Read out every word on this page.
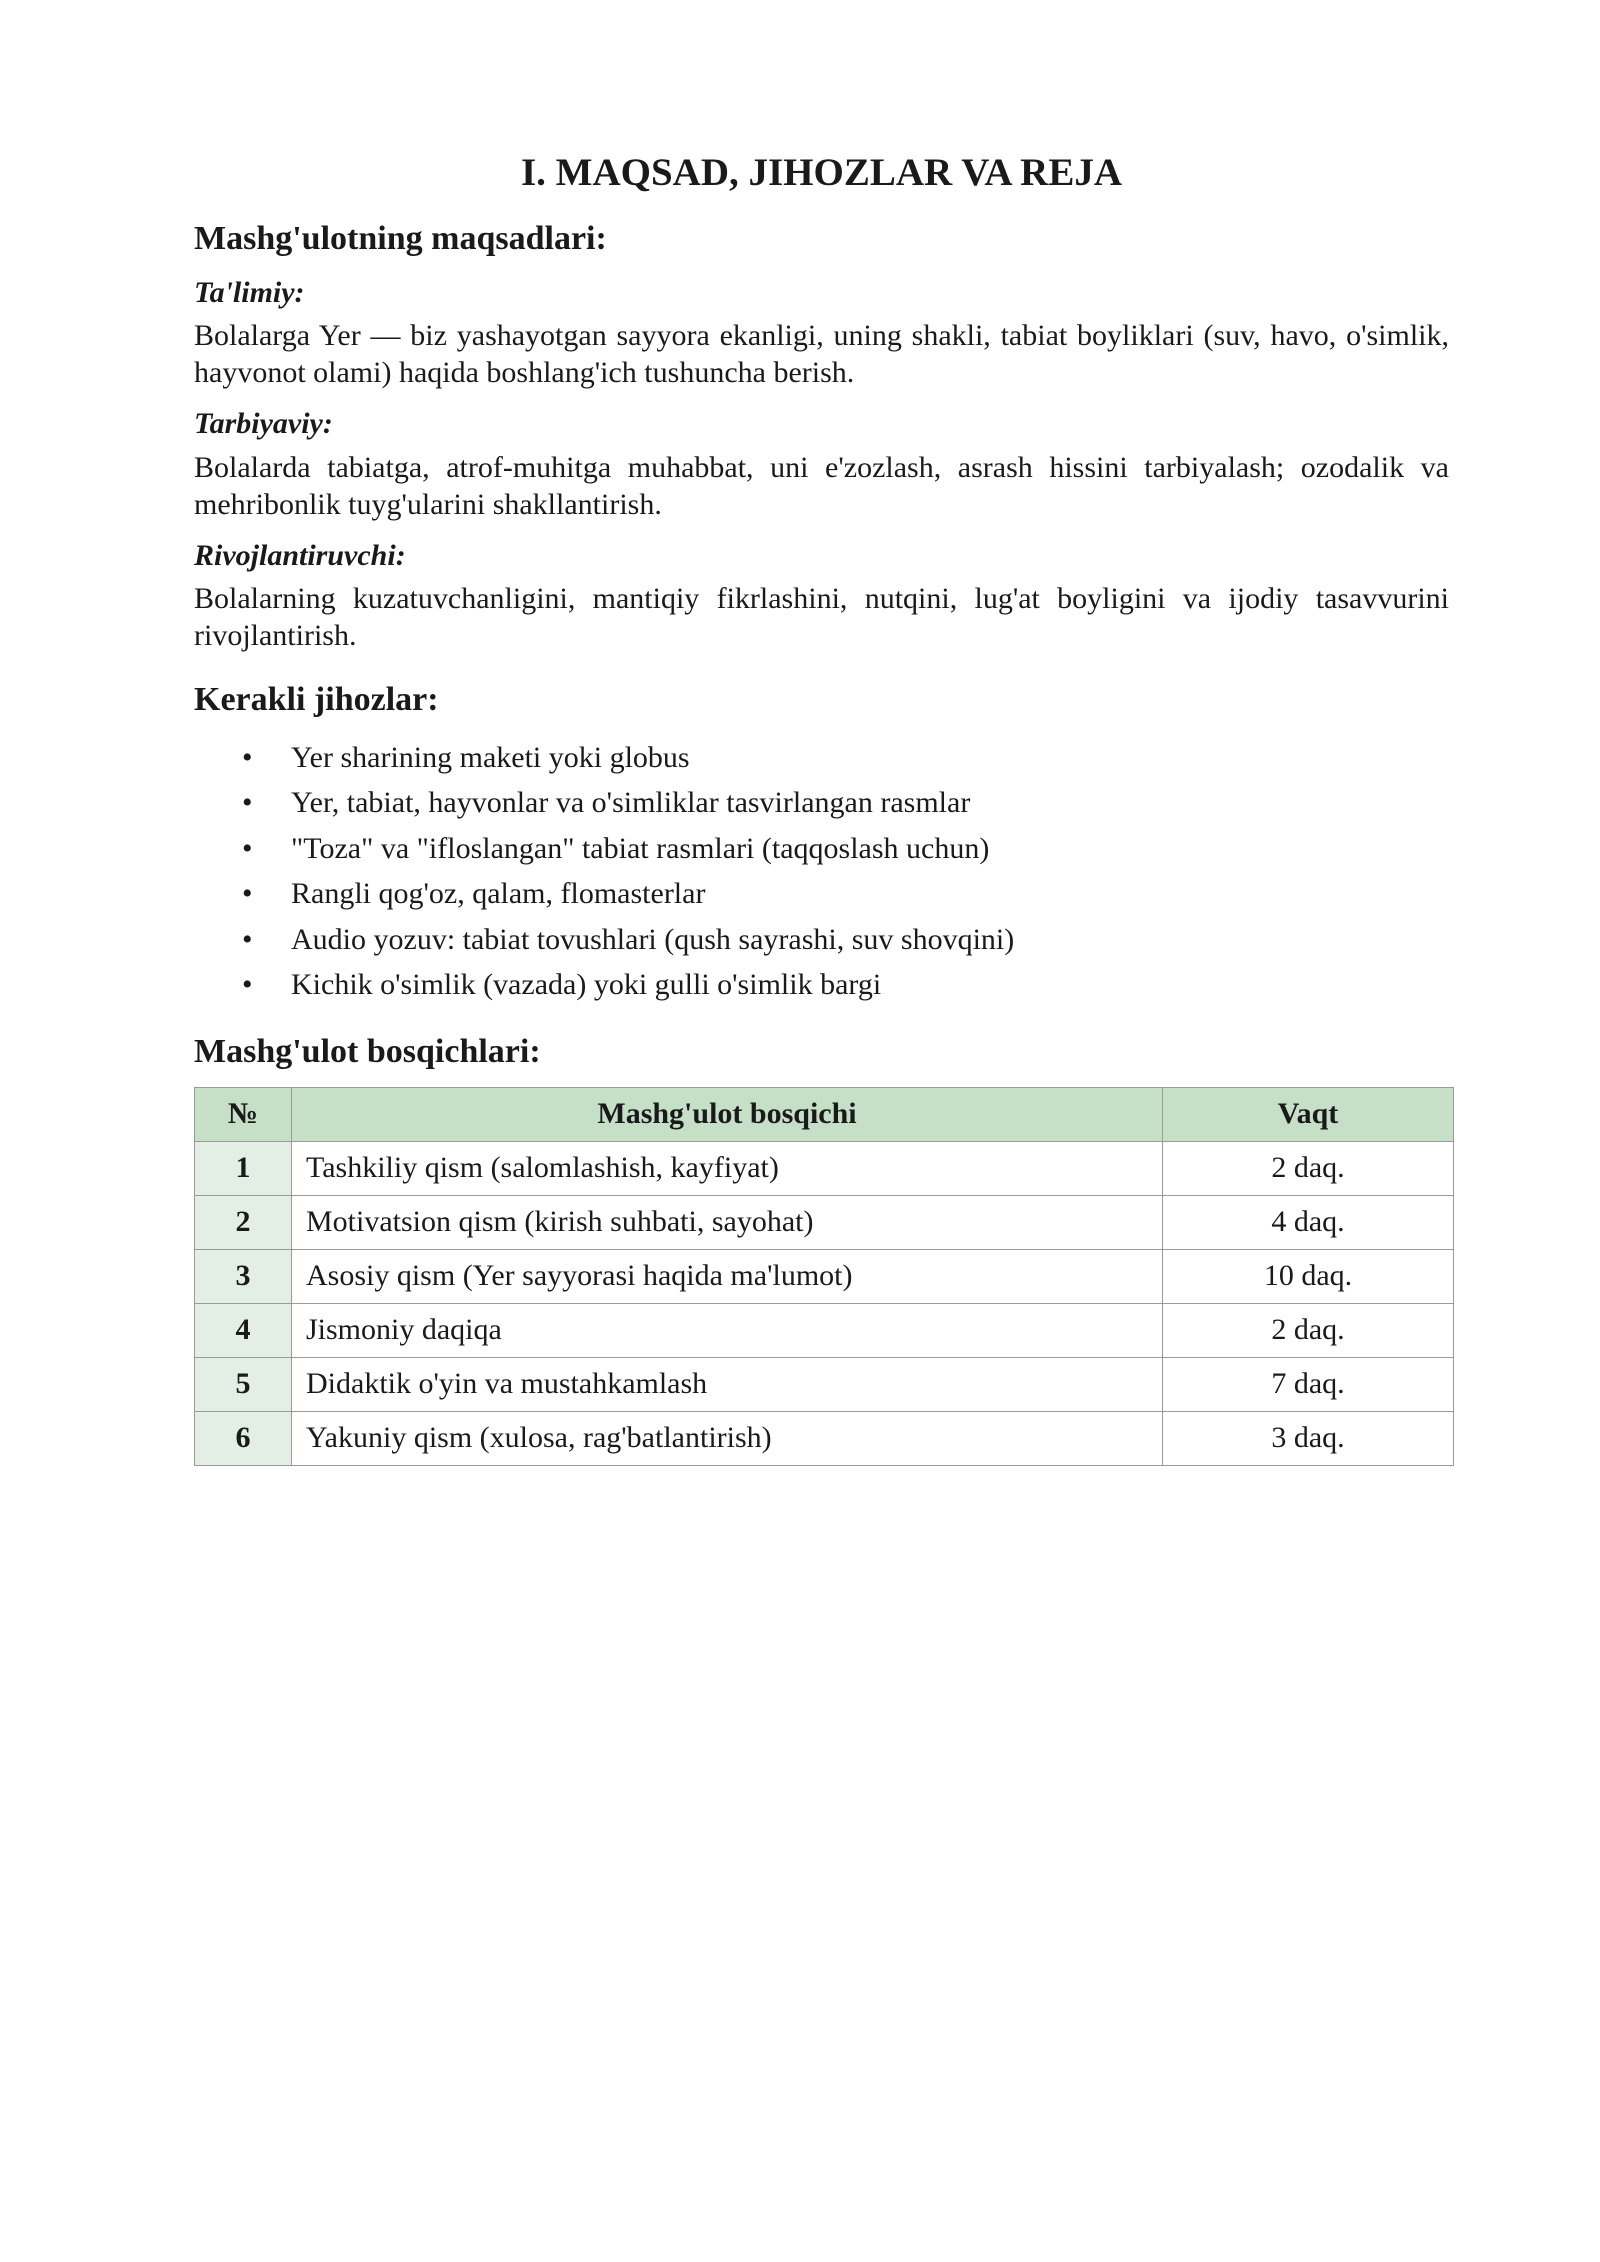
I. MAQSAD, JIHOZLAR VA REJA
Mashg'ulotning maqsadlari:
Ta'limiy:

Bolalarga Yer — biz yashayotgan sayyora ekanligi, uning shakli, tabiat boyliklari (suv, havo, o'simlik, hayvonot olami) haqida boshlang'ich tushuncha berish.

Tarbiyaviy:

Bolalarda tabiatga, atrof-muhitga muhabbat, uni e'zozlash, asrash hissini tarbiyalash; ozodalik va mehribonlik tuyg'ularini shakllantirish.

Rivojlantiruvchi:

Bolalarning kuzatuvchanligini, mantiqiy fikrlashini, nutqini, lug'at boyligini va ijodiy tasavvurini rivojlantirish.

Kerakli jihozlar:
• Yer sharining maketi yoki globus
• Yer, tabiat, hayvonlar va o'simliklar tasvirlangan rasmlar
• "Toza" va "ifloslangan" tabiat rasmlari (taqqoslash uchun)
• Rangli qog'oz, qalam, flomasterlar
• Audio yozuv: tabiat tovushlari (qush sayrashi, suv shovqini)
• Kichik o'simlik (vazada) yoki gulli o'simlik bargi
Mashg'ulot bosqichlari:
№	Mashg'ulot bosqichi	Vaqt
1	Tashkiliy qism (salomlashish, kayfiyat)	2 daq.
2	Motivatsion qism (kirish suhbati, sayohat)	4 daq.
3	Asosiy qism (Yer sayyorasi haqida ma'lumot)	10 daq.
4	Jismoniy daqiqa	2 daq.
5	Didaktik o'yin va mustahkamlash	7 daq.
6	Yakuniy qism (xulosa, rag'batlantirish)	3 daq.
